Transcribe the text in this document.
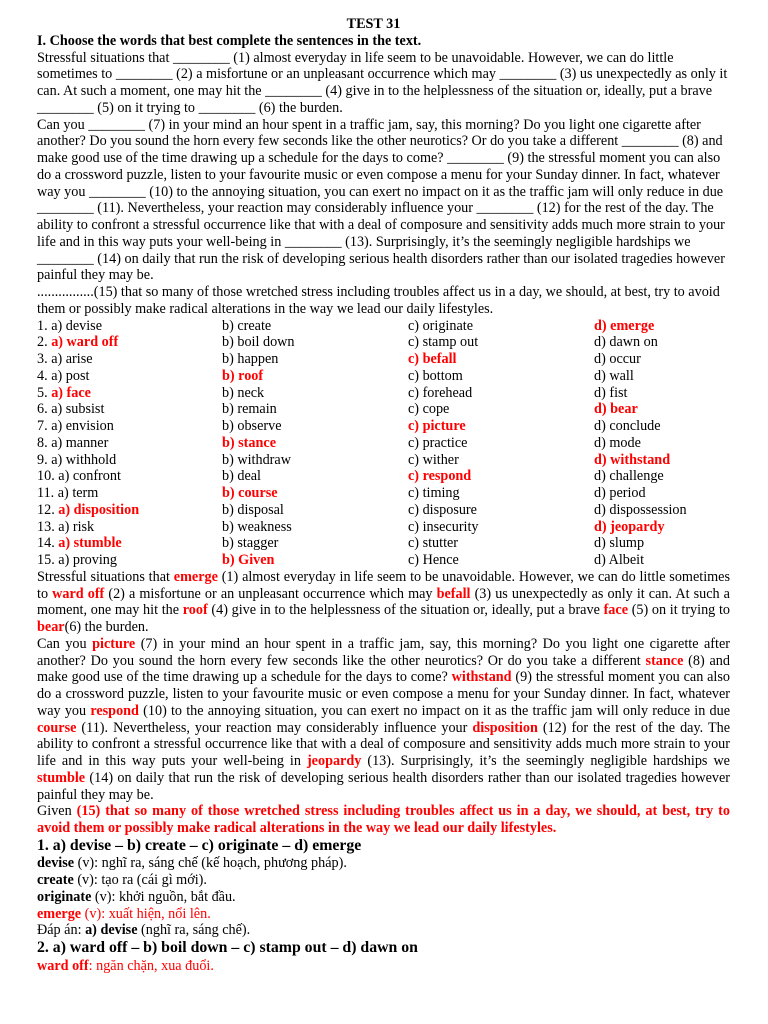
TEST 31
I. Choose the words that best complete the sentences in the text.

Stressful situations that ________ (1) almost everyday in life seem to be unavoidable. However, we can do little sometimes to ________ (2) a misfortune or an unpleasant occurrence which may ________ (3) us unexpectedly as only it can. At such a moment, one may hit the ________ (4) give in to the helplessness of the situation or, ideally, put a brave ________ (5) on it trying to ________ (6) the burden.

Can you ________ (7) in your mind an hour spent in a traffic jam, say, this morning? Do you light one cigarette after another? Do you sound the horn every few seconds like the other neurotics? Or do you take a different ________ (8) and make good use of the time drawing up a schedule for the days to come? ________ (9) the stressful moment you can also do a crossword puzzle, listen to your favourite music or even compose a menu for your Sunday dinner. In fact, whatever way you ________ (10) to the annoying situation, you can exert no impact on it as the traffic jam will only reduce in due ________ (11). Nevertheless, your reaction may considerably influence your ________ (12) for the rest of the day. The ability to confront a stressful occurrence like that with a deal of composure and sensitivity adds much more strain to your life and in this way puts your well-being in ________ (13). Surprisingly, it’s the seemingly negligible hardships we ________ (14) on daily that run the risk of developing serious health disorders rather than our isolated tragedies however painful they may be.

................(15) that so many of those wretched stress including troubles affect us in a day, we should, at best, try to avoid them or possibly make radical alterations in the way we lead our daily lifestyles.

1. a) devise	b) create	c) originate	d) emerge
2. a) ward off	b) boil down	c) stamp out	d) dawn on
3. a) arise	b) happen	c) befall	d) occur
4. a) post	b) roof	c) bottom	d) wall
5. a) face	b) neck	c) forehead	d) fist
6. a) subsist	b) remain	c) cope	d) bear
7. a) envision	b) observe	c) picture	d) conclude
8. a) manner	b) stance	c) practice	d) mode
9. a) withhold	b) withdraw	c) wither	d) withstand
10. a) confront	b) deal	c) respond	d) challenge
11. a) term	b) course	c) timing	d) period
12. a) disposition	b) disposal	c) disposure	d) dispossession
13. a) risk	b) weakness	c) insecurity	d) jeopardy
14. a) stumble	b) stagger	c) stutter	d) slump
15. a) proving	b) Given	c) Hence	d) Albeit

Stressful situations that emerge (1) almost everyday in life seem to be unavoidable. However, we can do little sometimes to ward off (2) a misfortune or an unpleasant occurrence which may befall (3) us unexpectedly as only it can. At such a moment, one may hit the roof (4) give in to the helplessness of the situation or, ideally, put a brave face (5) on it trying to bear(6) the burden.

Can you picture (7) in your mind an hour spent in a traffic jam, say, this morning? Do you light one cigarette after another? Do you sound the horn every few seconds like the other neurotics? Or do you take a different stance (8) and make good use of the time drawing up a schedule for the days to come? withstand (9) the stressful moment you can also do a crossword puzzle, listen to your favourite music or even compose a menu for your Sunday dinner. In fact, whatever way you respond (10) to the annoying situation, you can exert no impact on it as the traffic jam will only reduce in due course (11). Nevertheless, your reaction may considerably influence your disposition (12) for the rest of the day. The ability to confront a stressful occurrence like that with a deal of composure and sensitivity adds much more strain to your life and in this way puts your well-being in jeopardy (13). Surprisingly, it’s the seemingly negligible hardships we stumble (14) on daily that run the risk of developing serious health disorders rather than our isolated tragedies however painful they may be.

Given (15) that so many of those wretched stress including troubles affect us in a day, we should, at best, try to avoid them or possibly make radical alterations in the way we lead our daily lifestyles.

1. a) devise – b) create – c) originate – d) emerge
devise (v): nghĩ ra, sáng chế (kế hoạch, phương pháp).
create (v): tạo ra (cái gì mới).
originate (v): khởi nguồn, bắt đầu.
emerge (v): xuất hiện, nổi lên.
Đáp án: a) devise (nghĩ ra, sáng chế).
2. a) ward off – b) boil down – c) stamp out – d) dawn on
ward off: ngăn chặn, xua đuổi.
